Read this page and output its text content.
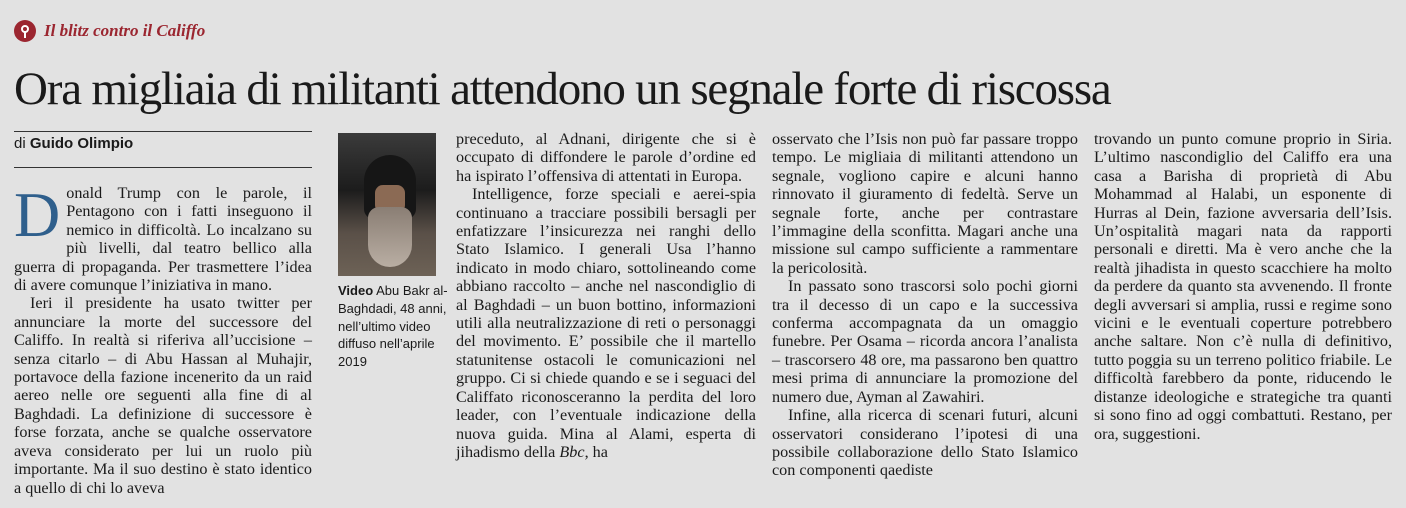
Il blitz contro il Califfo
Ora migliaia di militanti attendono un segnale forte di riscossa
di Guido Olimpio

Donald Trump con le parole, il Pentagono con i fatti inseguono il nemico in difficoltà. Lo incalzano su più livelli, dal teatro bellico alla guerra di propaganda. Per trasmettere l’idea di avere comunque l’iniziativa in mano.

Ieri il presidente ha usato twitter per annunciare la morte del successore del Califfo. In realtà si riferiva all’uccisione – senza citarlo – di Abu Hassan al Muhajir, portavoce della fazione incenerito da un raid aereo nelle ore seguenti alla fine di al Baghdadi. La definizione di successore è forse forzata, anche se qualche osservatore aveva considerato per lui un ruolo più importante. Ma il suo destino è stato identico a quello di chi lo aveva

Video Abu Bakr al-Baghdadi, 48 anni, nell’ultimo video diffuso nell’aprile 2019

preceduto, al Adnani, dirigente che si è occupato di diffondere le parole d’ordine ed ha ispirato l’offensiva di attentati in Europa.

Intelligence, forze speciali e aerei-spia continuano a tracciare possibili bersagli per enfatizzare l’insicurezza nei ranghi dello Stato Islamico. I generali Usa l’hanno indicato in modo chiaro, sottolineando come abbiano raccolto – anche nel nascondiglio di al Baghdadi – un buon bottino, informazioni utili alla neutralizzazione di reti o personaggi del movimento. E’ possibile che il martello statunitense ostacoli le comunicazioni nel gruppo. Ci si chiede quando e se i seguaci del Califfato riconosceranno la perdita del loro leader, con l’eventuale indicazione della nuova guida. Mina al Alami, esperta di jihadismo della Bbc, ha

osservato che l’Isis non può far passare troppo tempo. Le migliaia di militanti attendono un segnale, vogliono capire e alcuni hanno rinnovato il giuramento di fedeltà. Serve un segnale forte, anche per contrastare l’immagine della sconfitta. Magari anche una missione sul campo sufficiente a rammentare la pericolosità.

In passato sono trascorsi solo pochi giorni tra il decesso di un capo e la successiva conferma accompagnata da un omaggio funebre. Per Osama – ricorda ancora l’analista – trascorsero 48 ore, ma passarono ben quattro mesi prima di annunciare la promozione del numero due, Ayman al Zawahiri.

Infine, alla ricerca di scenari futuri, alcuni osservatori considerano l’ipotesi di una possibile collaborazione dello Stato Islamico con componenti qaediste

trovando un punto comune proprio in Siria. L’ultimo nascondiglio del Califfo era una casa a Barisha di proprietà di Abu Mohammad al Halabi, un esponente di Hurras al Dein, fazione avversaria dell’Isis. Un’ospitalità magari nata da rapporti personali e diretti. Ma è vero anche che la realtà jihadista in questo scacchiere ha molto da perdere da quanto sta avvenendo. Il fronte degli avversari si amplia, russi e regime sono vicini e le eventuali coperture potrebbero anche saltare. Non c’è nulla di definitivo, tutto poggia su un terreno politico friabile. Le difficoltà farebbero da ponte, riducendo le distanze ideologiche e strategiche tra quanti si sono fino ad oggi combattuti. Restano, per ora, suggestioni.
